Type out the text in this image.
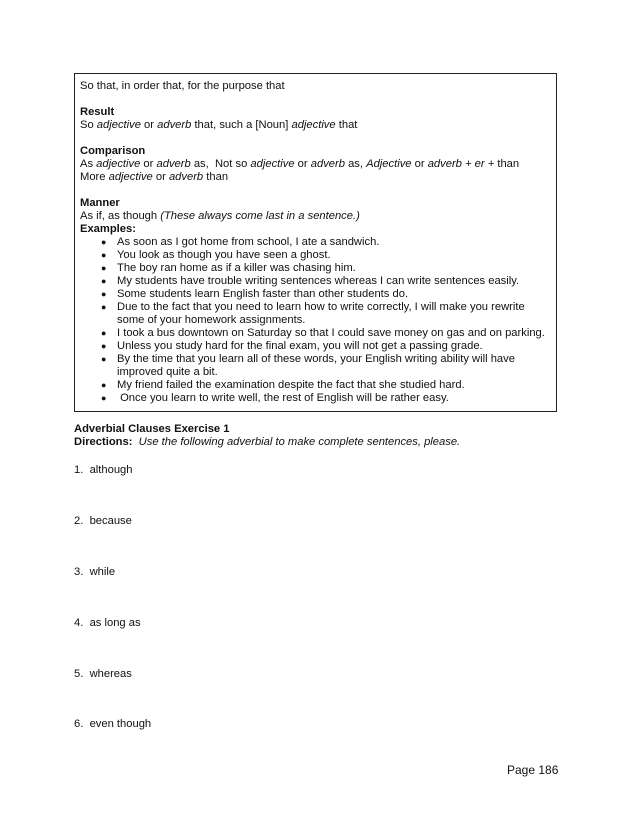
So that, in order that, for the purpose that
Result
So adjective or adverb that, such a [Noun] adjective that
Comparison
As adjective or adverb as,  Not so adjective or adverb as, Adjective or adverb + er + than
More adjective or adverb than
Manner
As if, as though (These always come last in a sentence.)
Examples:
● As soon as I got home from school, I ate a sandwich.
● You look as though you have seen a ghost.
● The boy ran home as if a killer was chasing him.
● My students have trouble writing sentences whereas I can write sentences easily.
● Some students learn English faster than other students do.
● Due to the fact that you need to learn how to write correctly, I will make you rewrite some of your homework assignments.
● I took a bus downtown on Saturday so that I could save money on gas and on parking.
● Unless you study hard for the final exam, you will not get a passing grade.
● By the time that you learn all of these words, your English writing ability will have improved quite a bit.
● My friend failed the examination despite the fact that she studied hard.
● Once you learn to write well, the rest of English will be rather easy.
Adverbial Clauses Exercise 1
Directions:  Use the following adverbial to make complete sentences, please.
1. although
2. because
3. while
4. as long as
5. whereas
6. even though
Page 186
